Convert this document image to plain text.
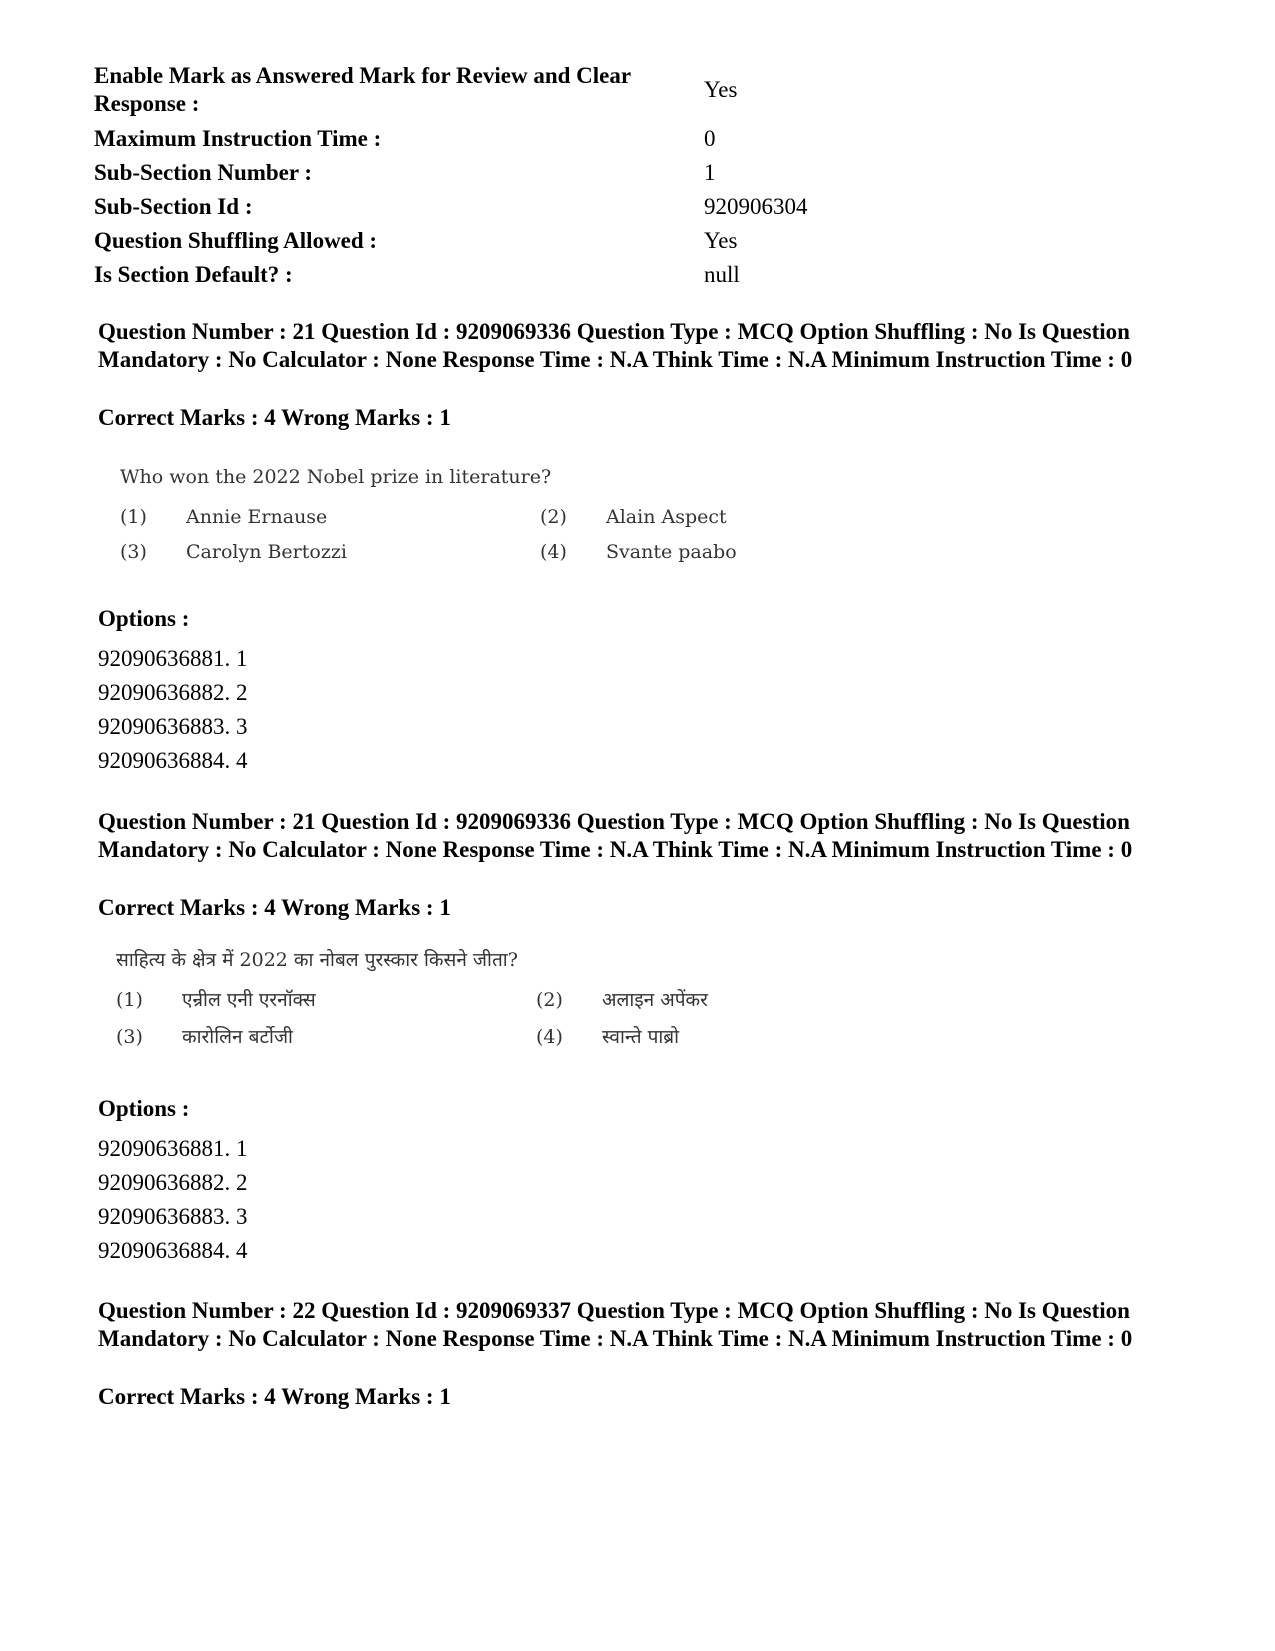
Enable Mark as Answered Mark for Review and Clear Response :
Yes
Maximum Instruction Time :	0
Sub-Section Number :	1
Sub-Section Id :	920906304
Question Shuffling Allowed :	Yes
Is Section Default? :	null
Question Number : 21 Question Id : 9209069336 Question Type : MCQ Option Shuffling : No Is Question Mandatory : No Calculator : None Response Time : N.A Think Time : N.A Minimum Instruction Time : 0
Correct Marks : 4 Wrong Marks : 1
Who won the 2022 Nobel prize in literature?
(1)	Annie Ernause	(2)	Alain Aspect
(3)	Carolyn Bertozzi	(4)	Svante paabo
Options :
92090636881. 1
92090636882. 2
92090636883. 3
92090636884. 4
Question Number : 21 Question Id : 9209069336 Question Type : MCQ Option Shuffling : No Is Question Mandatory : No Calculator : None Response Time : N.A Think Time : N.A Minimum Instruction Time : 0
Correct Marks : 4 Wrong Marks : 1
साहित्य के क्षेत्र में 2022 का नोबल पुरस्कार किसने जीता?
(1)	एन्रील एनी एरनॉक्स	(2)	अलाइन अपेंकर
(3)	कारोलिन बर्टोजी	(4)	स्वान्ते पाब्रो
Options :
92090636881. 1
92090636882. 2
92090636883. 3
92090636884. 4
Question Number : 22 Question Id : 9209069337 Question Type : MCQ Option Shuffling : No Is Question Mandatory : No Calculator : None Response Time : N.A Think Time : N.A Minimum Instruction Time : 0
Correct Marks : 4 Wrong Marks : 1
